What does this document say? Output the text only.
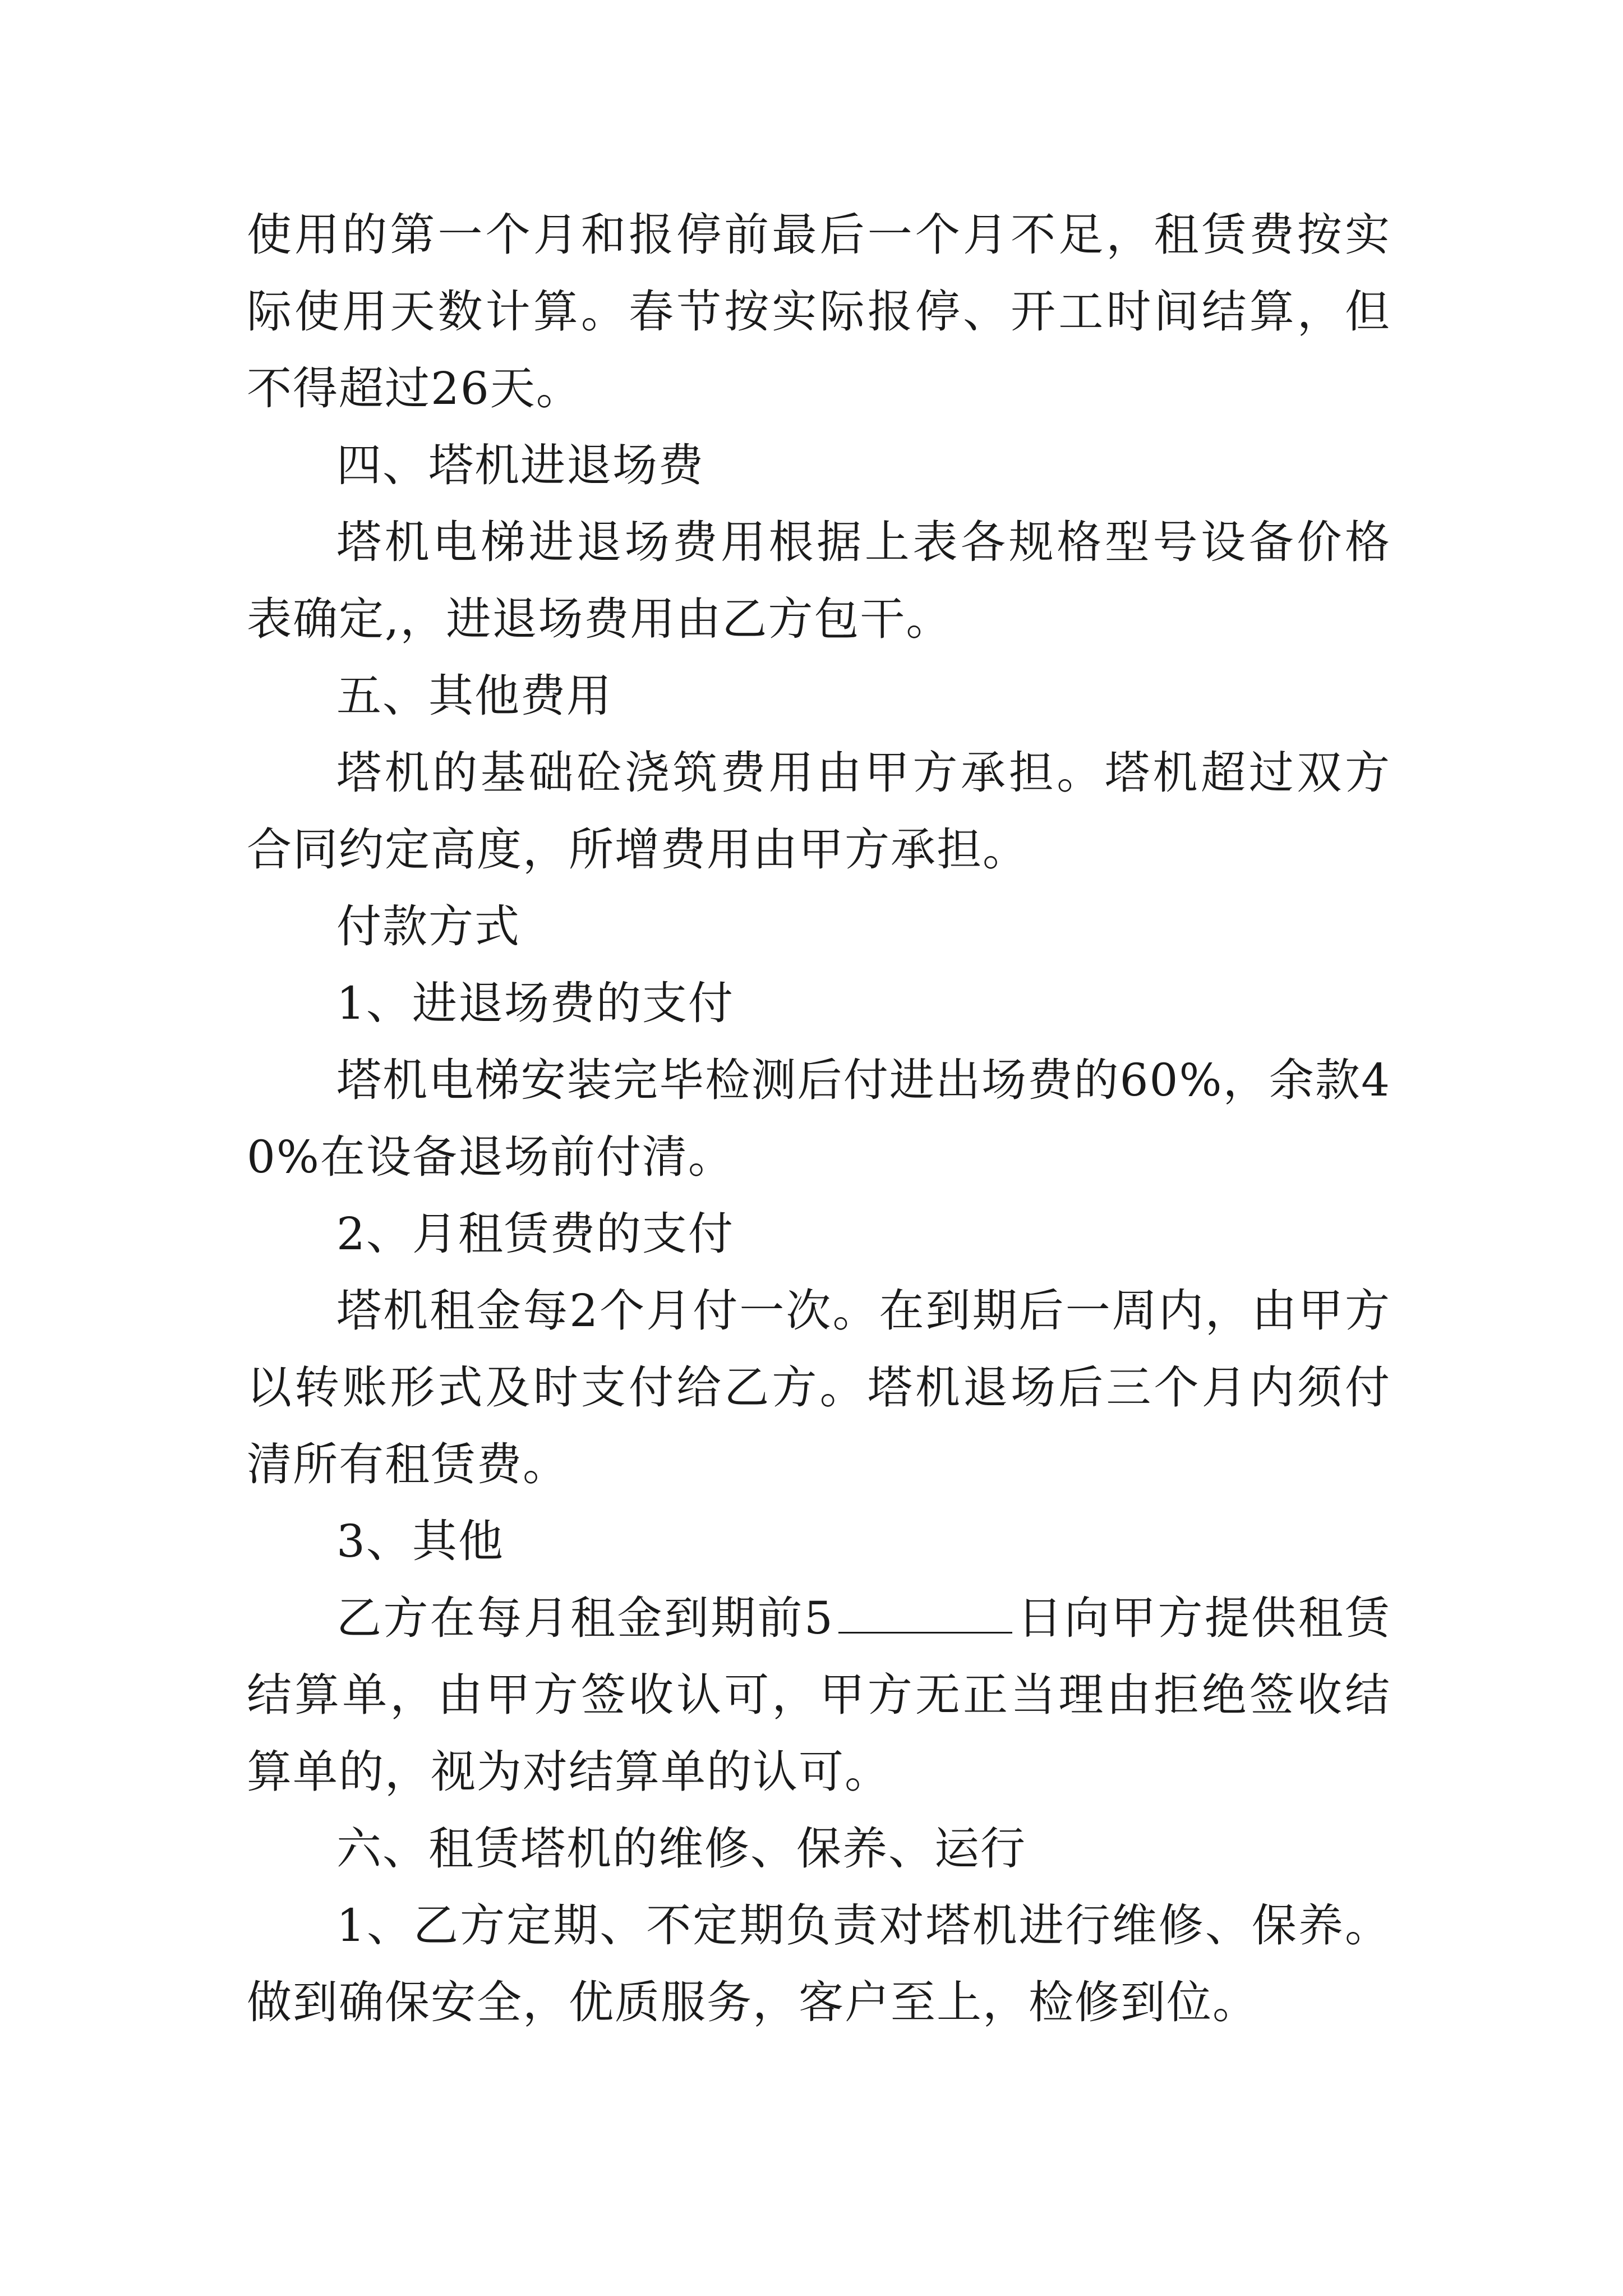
使用的第一个月和报停前最后一个月不足，租赁费按实际使用天数计算。春节按实际报停、开工时间结算，但不得超过26天。

四、塔机进退场费

塔机电梯进退场费用根据上表各规格型号设备价格表确定,，进退场费用由乙方包干。

五、其他费用

塔机的基础砼浇筑费用由甲方承担。塔机超过双方合同约定高度，所增费用由甲方承担。

付款方式

1、进退场费的支付

塔机电梯安装完毕检测后付进出场费的60%，余款40%在设备退场前付清。

2、月租赁费的支付

塔机租金每2个月付一次。在到期后一周内，由甲方以转账形式及时支付给乙方。塔机退场后三个月内须付清所有租赁费。

3、其他

乙方在每月租金到期前5	日向甲方提供租赁结算单，由甲方签收认可，甲方无正当理由拒绝签收结算单的，视为对结算单的认可。

六、租赁塔机的维修、保养、运行

1、乙方定期、不定期负责对塔机进行维修、保养。做到确保安全，优质服务，客户至上，检修到位。
